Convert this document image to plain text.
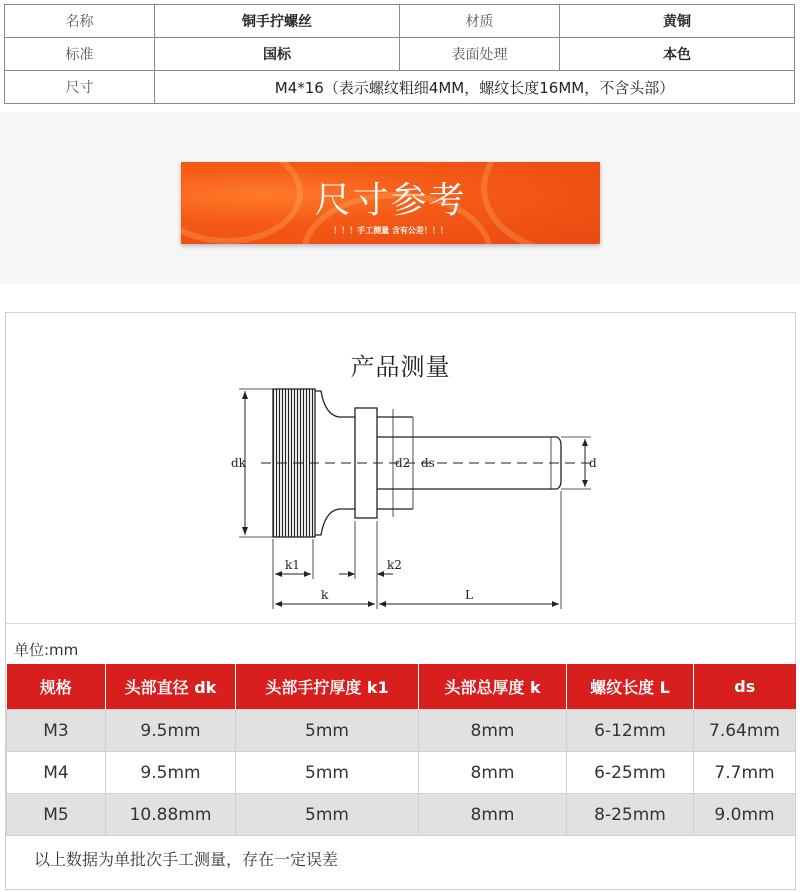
名称	铜手拧螺丝	材质	黄铜
标准	国标	表面处理	本色
尺寸	M4*16（表示螺纹粗细4MM，螺纹长度16MM，不含头部）		
尺寸参考
！！！手工测量 含有公差！！！
产品测量
dk	d2 ds	d
k1	k2
k	L
单位:mm
规格	头部直径 dk	头部手拧厚度 k1	头部总厚度 k	螺纹长度 L	ds
M3	9.5mm	5mm	8mm	6-12mm	7.64mm
M4	9.5mm	5mm	8mm	6-25mm	7.7mm
M5	10.88mm	5mm	8mm	8-25mm	9.0mm
以上数据为单批次手工测量，存在一定误差
